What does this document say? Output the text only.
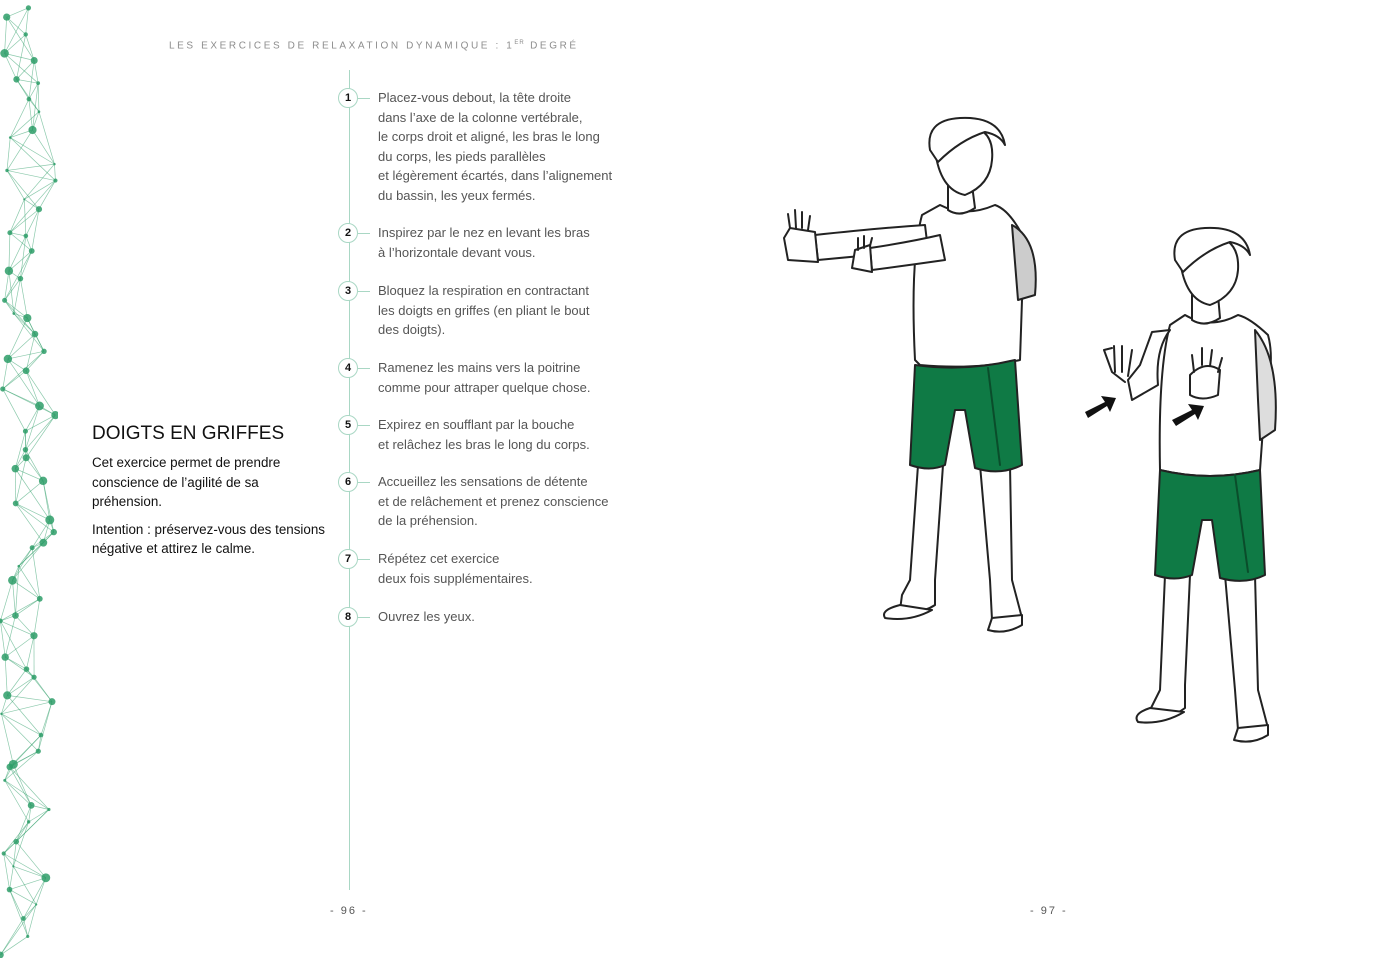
LES EXERCICES DE RELAXATION DYNAMIQUE : 1ER DEGRÉ
DOIGTS EN GRIFFES

Cet exercice permet de prendre conscience de l’agilité de sa préhension.

Intention : préservez-vous des tensions négative et attirez le calme.

1	Placez-vous debout, la tête droite
dans l’axe de la colonne vertébrale,
le corps droit et aligné, les bras le long
du corps, les pieds parallèles
et légèrement écartés, dans l’alignement
du bassin, les yeux fermés.

2	Inspirez par le nez en levant les bras
à l’horizontale devant vous.

3	Bloquez la respiration en contractant
les doigts en griffes (en pliant le bout
des doigts).

4	Ramenez les mains vers la poitrine
comme pour attraper quelque chose.

5	Expirez en soufflant par la bouche
et relâchez les bras le long du corps.

6	Accueillez les sensations de détente
et de relâchement et prenez conscience
de la préhension.

7	Répétez cet exercice
deux fois supplémentaires.

8	Ouvrez les yeux.

- 96 -	- 97 -
